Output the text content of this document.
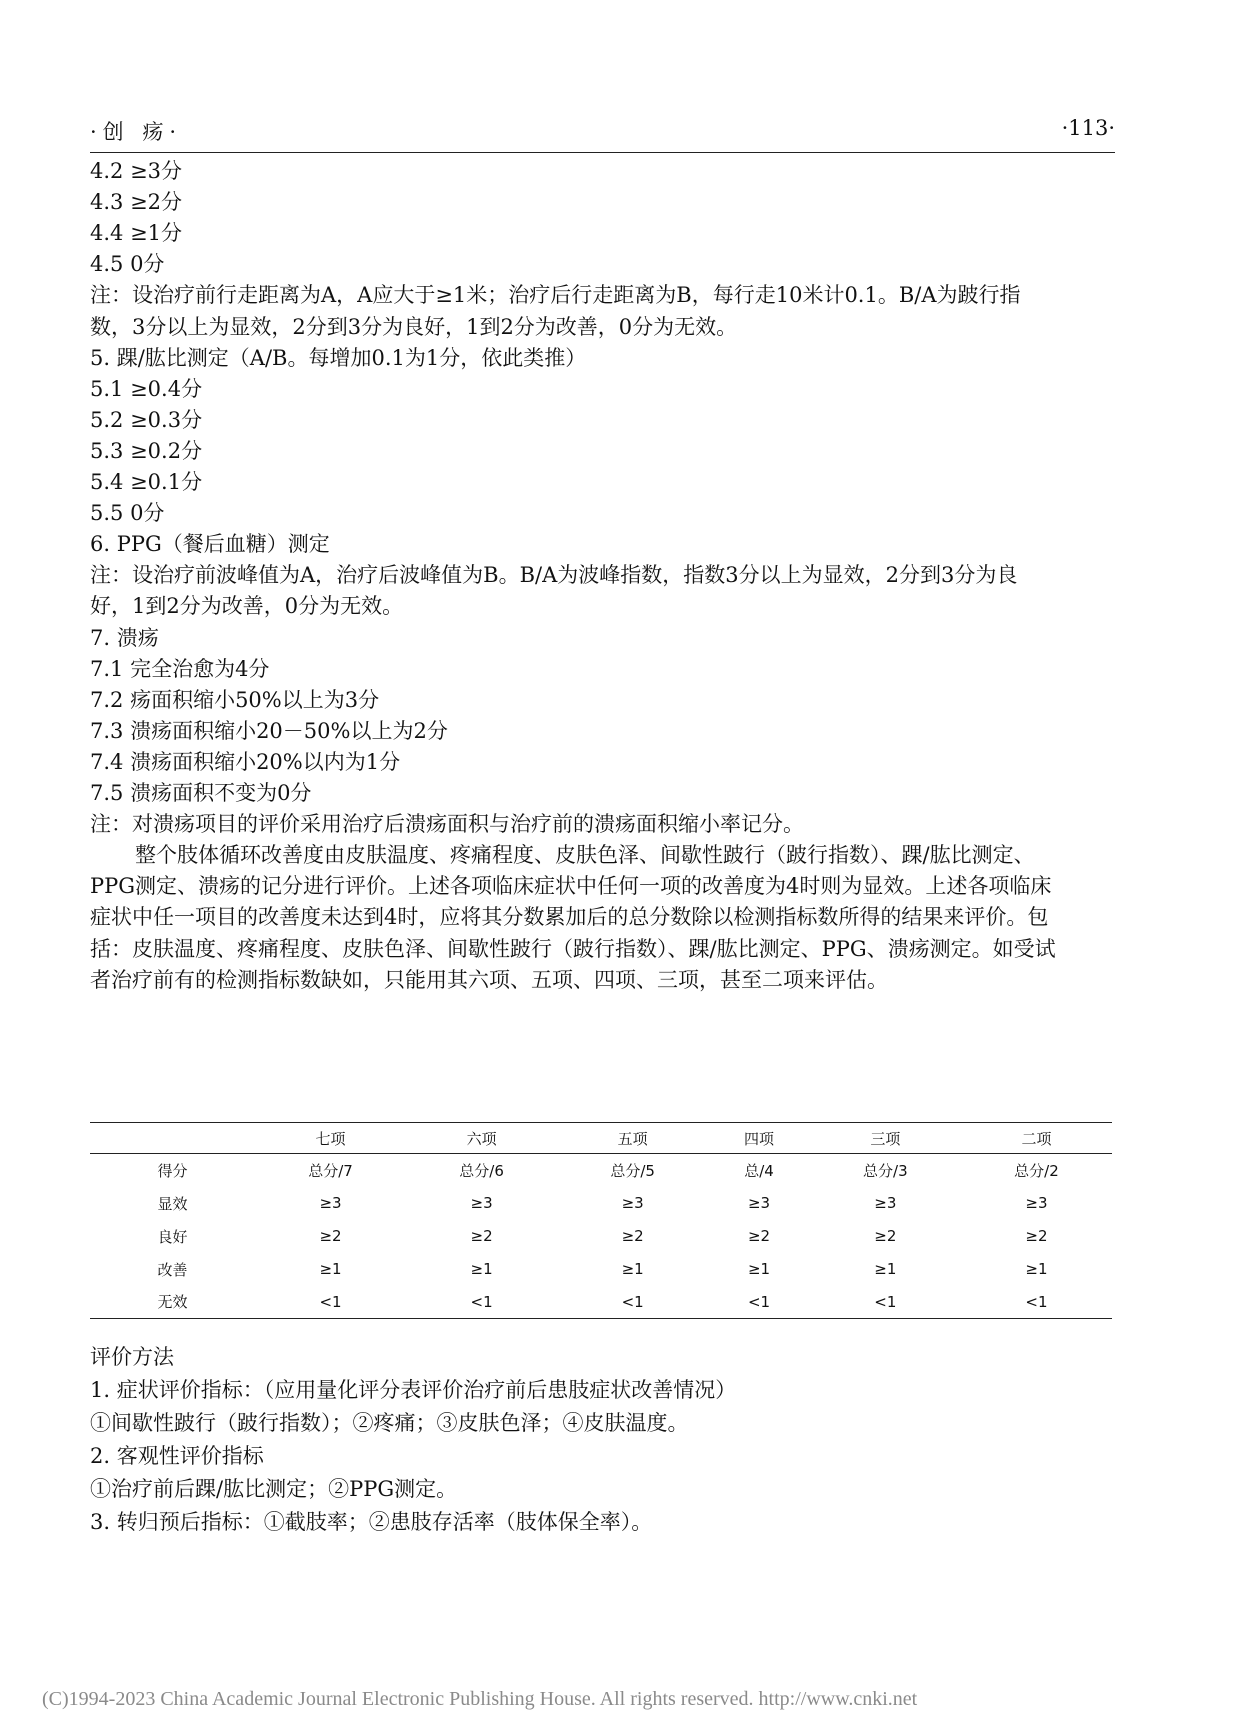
·创 疡·	·113·
4.2 ≥3分
4.3 ≥2分
4.4 ≥1分
4.5 0分
注：设治疗前行走距离为A，A应大于≥1米；治疗后行走距离为B，每行走10米计0.1。B/A为跛行指
数，3分以上为显效，2分到3分为良好，1到2分为改善，0分为无效。
5. 踝/肱比测定（A/B。每增加0.1为1分，依此类推）
5.1 ≥0.4分
5.2 ≥0.3分
5.3 ≥0.2分
5.4 ≥0.1分
5.5 0分
6. PPG（餐后血糖）测定
注：设治疗前波峰值为A，治疗后波峰值为B。B/A为波峰指数，指数3分以上为显效，2分到3分为良
好，1到2分为改善，0分为无效。
7. 溃疡
7.1 完全治愈为4分
7.2 疡面积缩小50%以上为3分
7.3 溃疡面积缩小20－50%以上为2分
7.4 溃疡面积缩小20%以内为1分
7.5 溃疡面积不变为0分
注：对溃疡项目的评价采用治疗后溃疡面积与治疗前的溃疡面积缩小率记分。
整个肢体循环改善度由皮肤温度、疼痛程度、皮肤色泽、间歇性跛行（跛行指数）、踝/肱比测定、
PPG测定、溃疡的记分进行评价。上述各项临床症状中任何一项的改善度为4时则为显效。上述各项临床
症状中任一项目的改善度未达到4时，应将其分数累加后的总分数除以检测指标数所得的结果来评价。包
括：皮肤温度、疼痛程度、皮肤色泽、间歇性跛行（跛行指数）、踝/肱比测定、PPG、溃疡测定。如受试
者治疗前有的检测指标数缺如，只能用其六项、五项、四项、三项，甚至二项来评估。
	七项	六项	五项	四项	三项	二项
得分	总分/7	总分/6	总分/5	总/4	总分/3	总分/2
显效	≥3	≥3	≥3	≥3	≥3	≥3
良好	≥2	≥2	≥2	≥2	≥2	≥2
改善	≥1	≥1	≥1	≥1	≥1	≥1
无效	<1	<1	<1	<1	<1	<1
评价方法
1. 症状评价指标：（应用量化评分表评价治疗前后患肢症状改善情况）
①间歇性跛行（跛行指数）；②疼痛；③皮肤色泽；④皮肤温度。
2. 客观性评价指标
①治疗前后踝/肱比测定；②PPG测定。
3. 转归预后指标：①截肢率；②患肢存活率（肢体保全率）。
(C)1994-2023 China Academic Journal Electronic Publishing House. All rights reserved. http://www.cnki.net
